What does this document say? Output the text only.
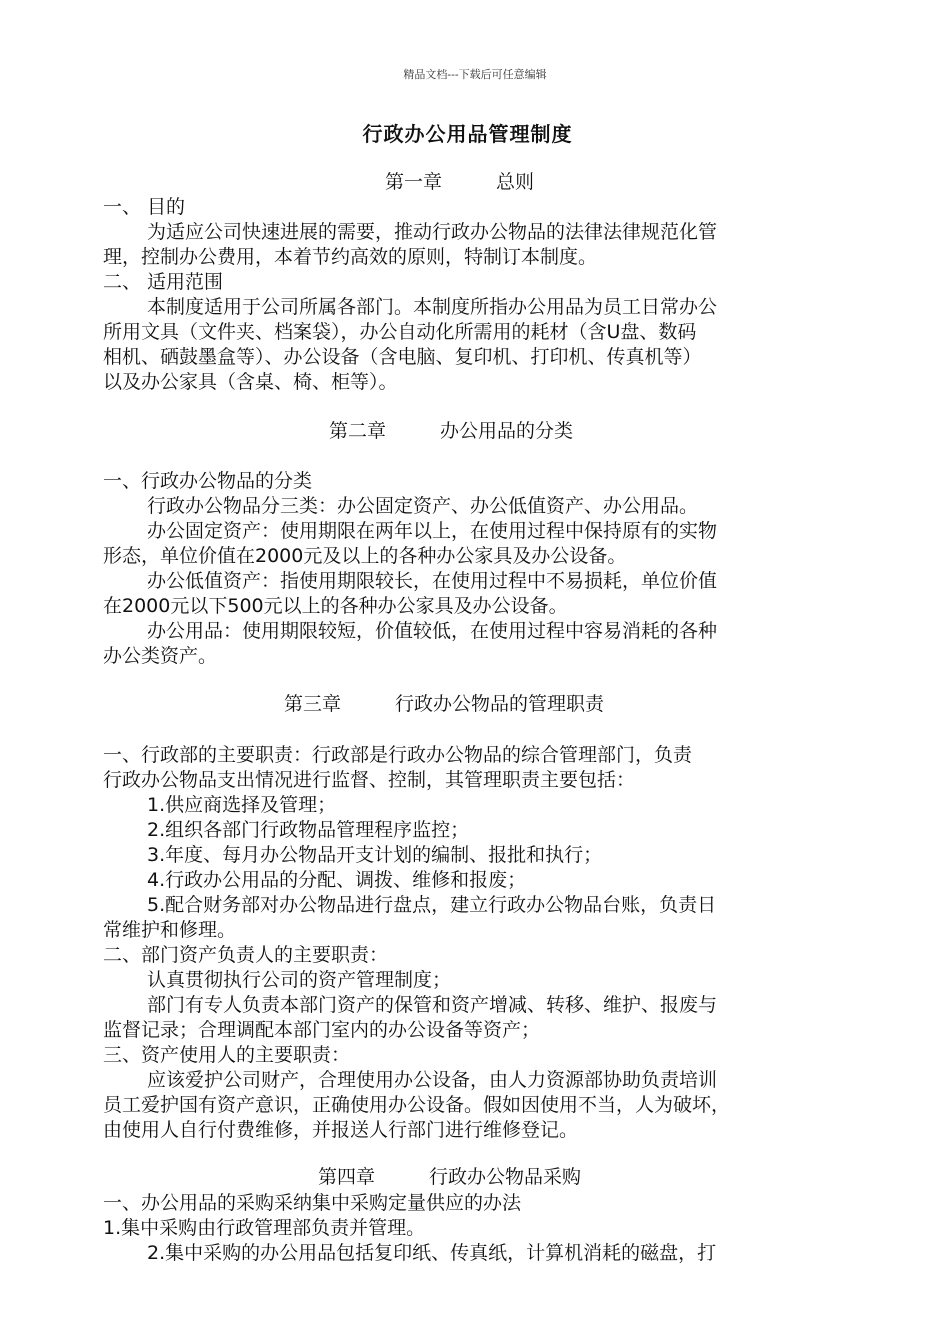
精品文档---下载后可任意编辑
行政办公用品管理制度
第一章	总则
一、 目的
为适应公司快速进展的需要，推动行政办公物品的法律法律规范化管
理，控制办公费用，本着节约高效的原则，特制订本制度。
二、 适用范围
本制度适用于公司所属各部门。本制度所指办公用品为员工日常办公
所用文具（文件夹、档案袋），办公自动化所需用的耗材（含U盘、数码
相机、硒鼓墨盒等）、办公设备（含电脑、复印机、打印机、传真机等）
以及办公家具（含桌、椅、柜等）。
第二章	办公用品的分类
一、行政办公物品的分类
行政办公物品分三类：办公固定资产、办公低值资产、办公用品。
办公固定资产：使用期限在两年以上，在使用过程中保持原有的实物
形态，单位价值在2000元及以上的各种办公家具及办公设备。
办公低值资产：指使用期限较长，在使用过程中不易损耗，单位价值
在2000元以下500元以上的各种办公家具及办公设备。
办公用品：使用期限较短，价值较低，在使用过程中容易消耗的各种
办公类资产。
第三章	行政办公物品的管理职责
一、行政部的主要职责：行政部是行政办公物品的综合管理部门，负责
行政办公物品支出情况进行监督、控制，其管理职责主要包括：
1.供应商选择及管理；
2.组织各部门行政物品管理程序监控；
3.年度、每月办公物品开支计划的编制、报批和执行；
4.行政办公用品的分配、调拨、维修和报废；
5.配合财务部对办公物品进行盘点，建立行政办公物品台账，负责日
常维护和修理。
二、部门资产负责人的主要职责：
认真贯彻执行公司的资产管理制度；
部门有专人负责本部门资产的保管和资产增减、转移、维护、报废与
监督记录；合理调配本部门室内的办公设备等资产；
三、资产使用人的主要职责：
应该爱护公司财产，合理使用办公设备，由人力资源部协助负责培训
员工爱护国有资产意识，正确使用办公设备。假如因使用不当，人为破坏，
由使用人自行付费维修，并报送人行部门进行维修登记。
第四章	行政办公物品采购
一、办公用品的采购采纳集中采购定量供应的办法
1.集中采购由行政管理部负责并管理。
2.集中采购的办公用品包括复印纸、传真纸，计算机消耗的磁盘，打
